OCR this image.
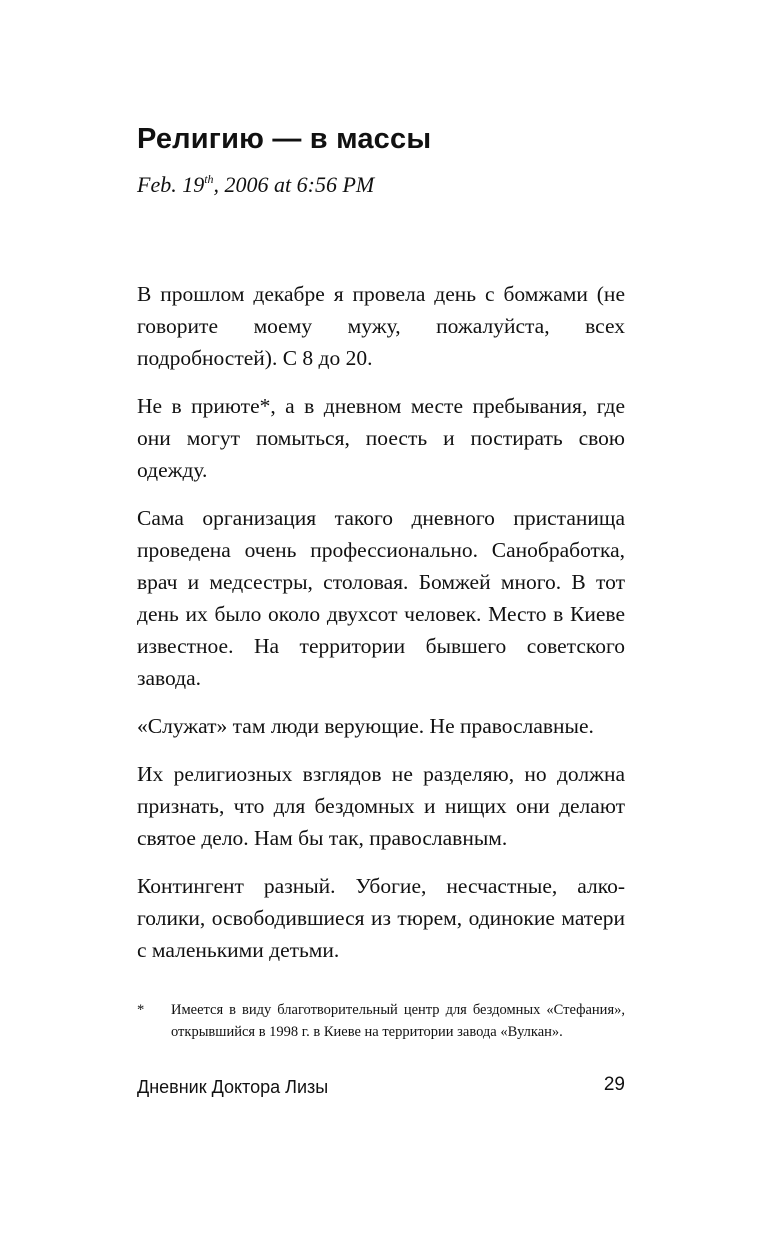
Религию — в массы
Feb. 19th, 2006 at 6:56 PM

В прошлом декабре я провела день с бомжами (не говорите моему мужу, пожалуйста, всех подробностей). С 8 до 20.

Не в приюте*, а в дневном месте пребывания, где они могут помыться, поесть и постирать свою одежду.

Сама организация такого дневного пристанища проведена очень профессионально. Санобработка, врач и медсестры, столовая. Бомжей много. В тот день их было около двухсот человек. Место в Киеве известное. На территории бывшего советского завода.

«Служат» там люди верующие. Не православные.

Их религиозных взглядов не разделяю, но должна признать, что для бездомных и нищих они делают святое дело. Нам бы так, православным.

Контингент разный. Убогие, несчастные, алкоголики, освободившиеся из тюрем, одинокие матери с маленькими детьми.

* Имеется в виду благотворительный центр для бездомных «Стефания», открывшийся в 1998 г. в Киеве на территории завода «Вулкан».
Дневник Доктора Лизы	29
